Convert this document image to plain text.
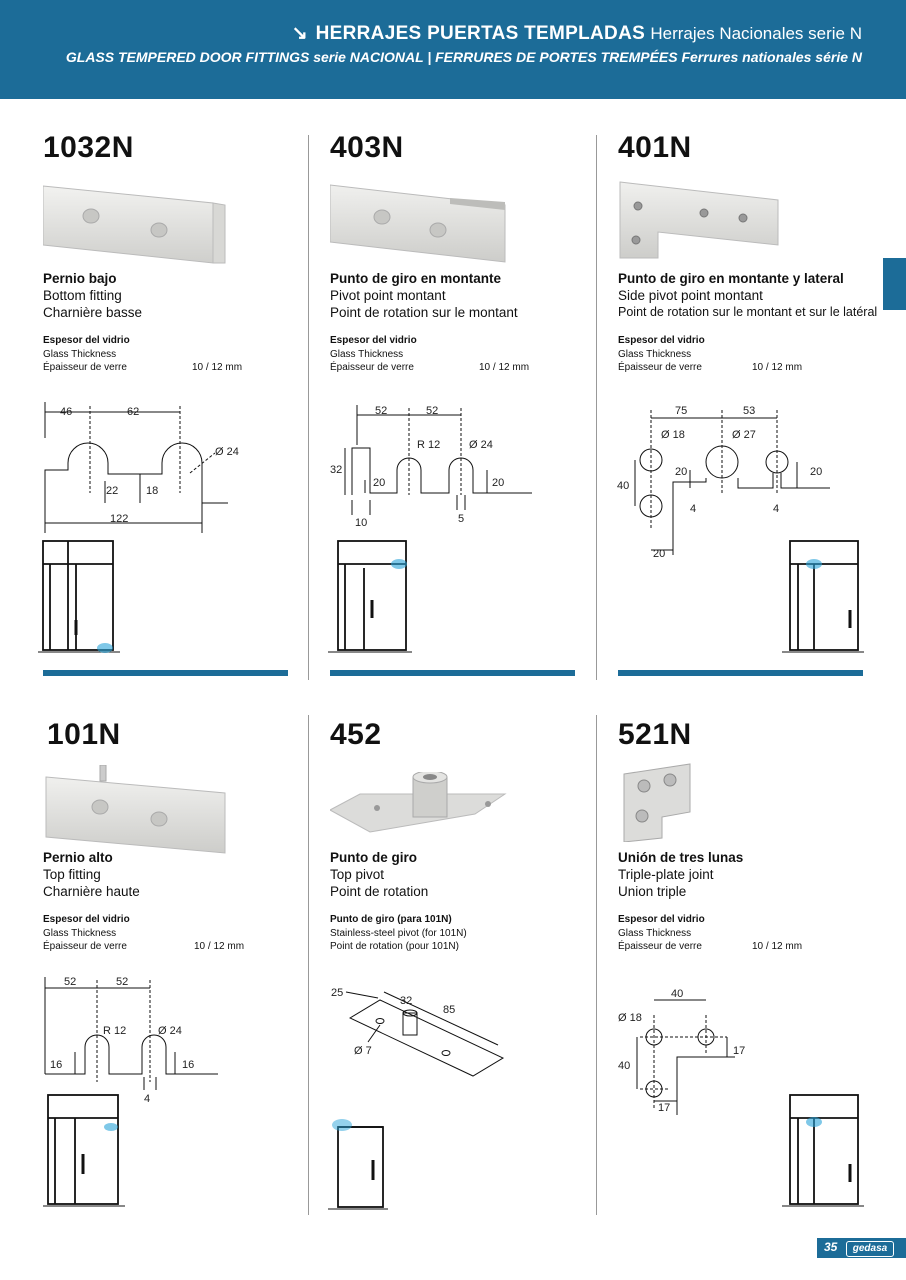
↘ HERRAJES PUERTAS TEMPLADAS Herrajes Nacionales serie N
GLASS TEMPERED DOOR FITTINGS serie NACIONAL | FERRURES DE PORTES TREMPÉES Ferrures nationales série N
1032N
Pernio bajo
Bottom fitting
Charnière basse
Espesor del vidrio
Glass Thickness
Épaisseur de verre	10 / 12 mm
46	62
Ø 24
22	18
122
403N
Punto de giro en montante
Pivot point montant
Point de rotation sur le montant
Espesor del vidrio
Glass Thickness
Épaisseur de verre	10 / 12 mm
52	52
R 12	Ø 24
32
20	20
10	5
401N
Punto de giro en montante y lateral
Side pivot point montant
Point de rotation sur le montant et sur le latéral
Espesor del vidrio
Glass Thickness
Épaisseur de verre	10 / 12 mm
75	53
Ø 18	Ø 27
20	20
40
4	4
20
101N
Pernio alto
Top fitting
Charnière haute
Espesor del vidrio
Glass Thickness
Épaisseur de verre	10 / 12 mm
52	52
R 12	Ø 24
16	16
4
452
Punto de giro
Top pivot
Point de rotation
Punto de giro (para 101N)
Stainless-steel pivot (for 101N)
Point de rotation (pour 101N)
25
32
85
Ø 7
521N
Unión de tres lunas
Triple-plate joint
Union triple
Espesor del vidrio
Glass Thickness
Épaisseur de verre	10 / 12 mm
40
Ø 18
17
40
17
35	gedasa
